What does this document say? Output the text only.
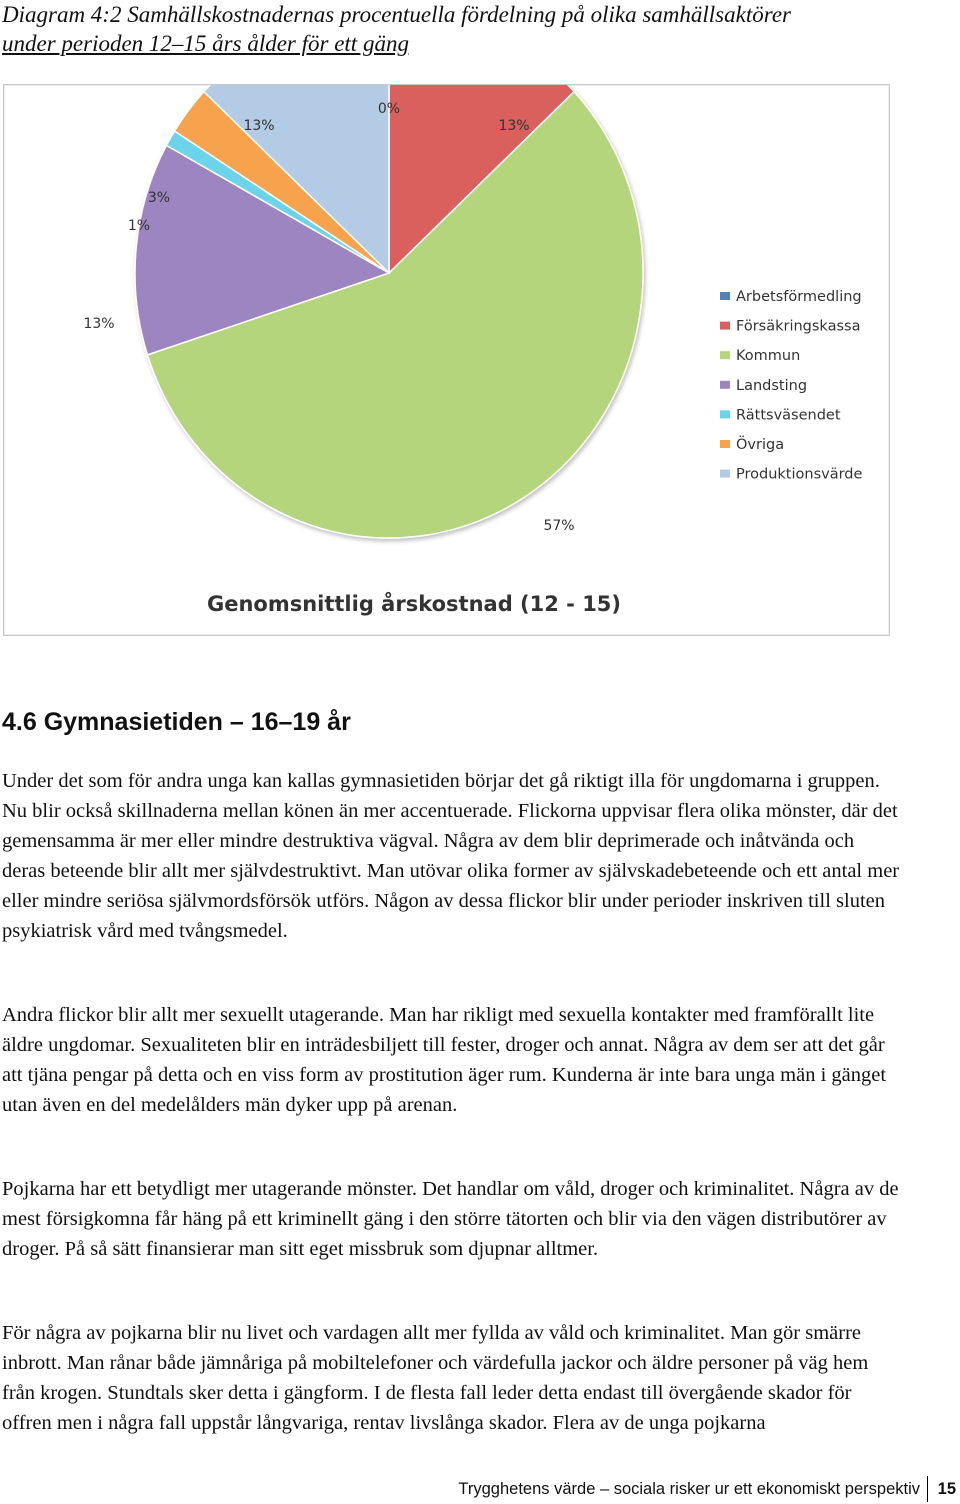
Diagram 4:2 Samhällskostnadernas procentuella fördelning på olika samhällsaktörer
under perioden 12–15 års ålder för ett gäng
0%
13%
57%
13%
1%
3%
13%
Arbetsförmedling
Försäkringskassa
Kommun
Landsting
Rättsväsendet
Övriga
Produktionsvärde
Genomsnittlig årskostnad (12 - 15)
4.6 Gymnasietiden – 16–19 år

Under det som för andra unga kan kallas gymnasietiden börjar det gå riktigt illa för ungdomarna i gruppen. Nu blir också skillnaderna mellan könen än mer accentuerade. Flickorna uppvisar flera olika mönster, där det gemensamma är mer eller mindre destruktiva vägval. Några av dem blir deprimerade och inåtvända och deras beteende blir allt mer självdestruktivt. Man utövar olika former av självskadebeteende och ett antal mer eller mindre seriösa självmordsförsök utförs. Någon av dessa flickor blir under perioder inskriven till sluten psykiatrisk vård med tvångsmedel.

Andra flickor blir allt mer sexuellt utagerande. Man har rikligt med sexuella kontakter med framförallt lite äldre ungdomar. Sexualiteten blir en inträdesbiljett till fester, droger och annat. Några av dem ser att det går att tjäna pengar på detta och en viss form av prostitution äger rum. Kunderna är inte bara unga män i gänget utan även en del medelålders män dyker upp på arenan.

Pojkarna har ett betydligt mer utagerande mönster. Det handlar om våld, droger och kriminalitet. Några av de mest försigkomna får häng på ett kriminellt gäng i den större tätorten och blir via den vägen distributörer av droger. På så sätt finansierar man sitt eget missbruk som djupnar alltmer.

För några av pojkarna blir nu livet och vardagen allt mer fyllda av våld och kriminalitet. Man gör smärre inbrott. Man rånar både jämnåriga på mobiltelefoner och värdefulla jackor och äldre personer på väg hem från krogen. Stundtals sker detta i gängform. I de flesta fall leder detta endast till övergående skador för offren men i några fall uppstår långvariga, rentav livslånga skador. Flera av de unga pojkarna

Trygghetens värde – sociala risker ur ett ekonomiskt perspektiv 15
